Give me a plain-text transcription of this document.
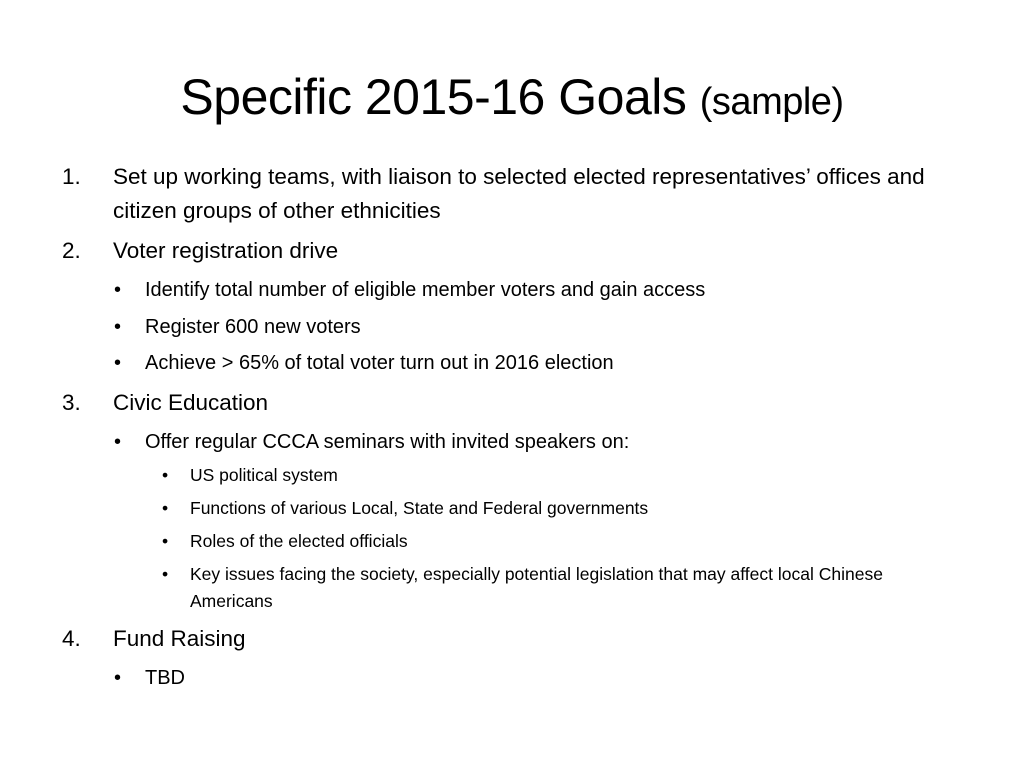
Specific 2015-16 Goals (sample)
1. Set up working teams, with liaison to selected elected representatives’ offices and citizen groups of other ethnicities
2. Voter registration drive
• Identify total number of eligible member voters and gain access
• Register 600 new voters
• Achieve > 65% of total voter turn out in 2016 election
3. Civic Education
• Offer regular CCCA seminars with invited speakers on:
• US political system
• Functions of various Local, State and Federal governments
• Roles of the elected officials
• Key issues facing the society, especially potential legislation that may affect local Chinese Americans
4. Fund Raising
• TBD
